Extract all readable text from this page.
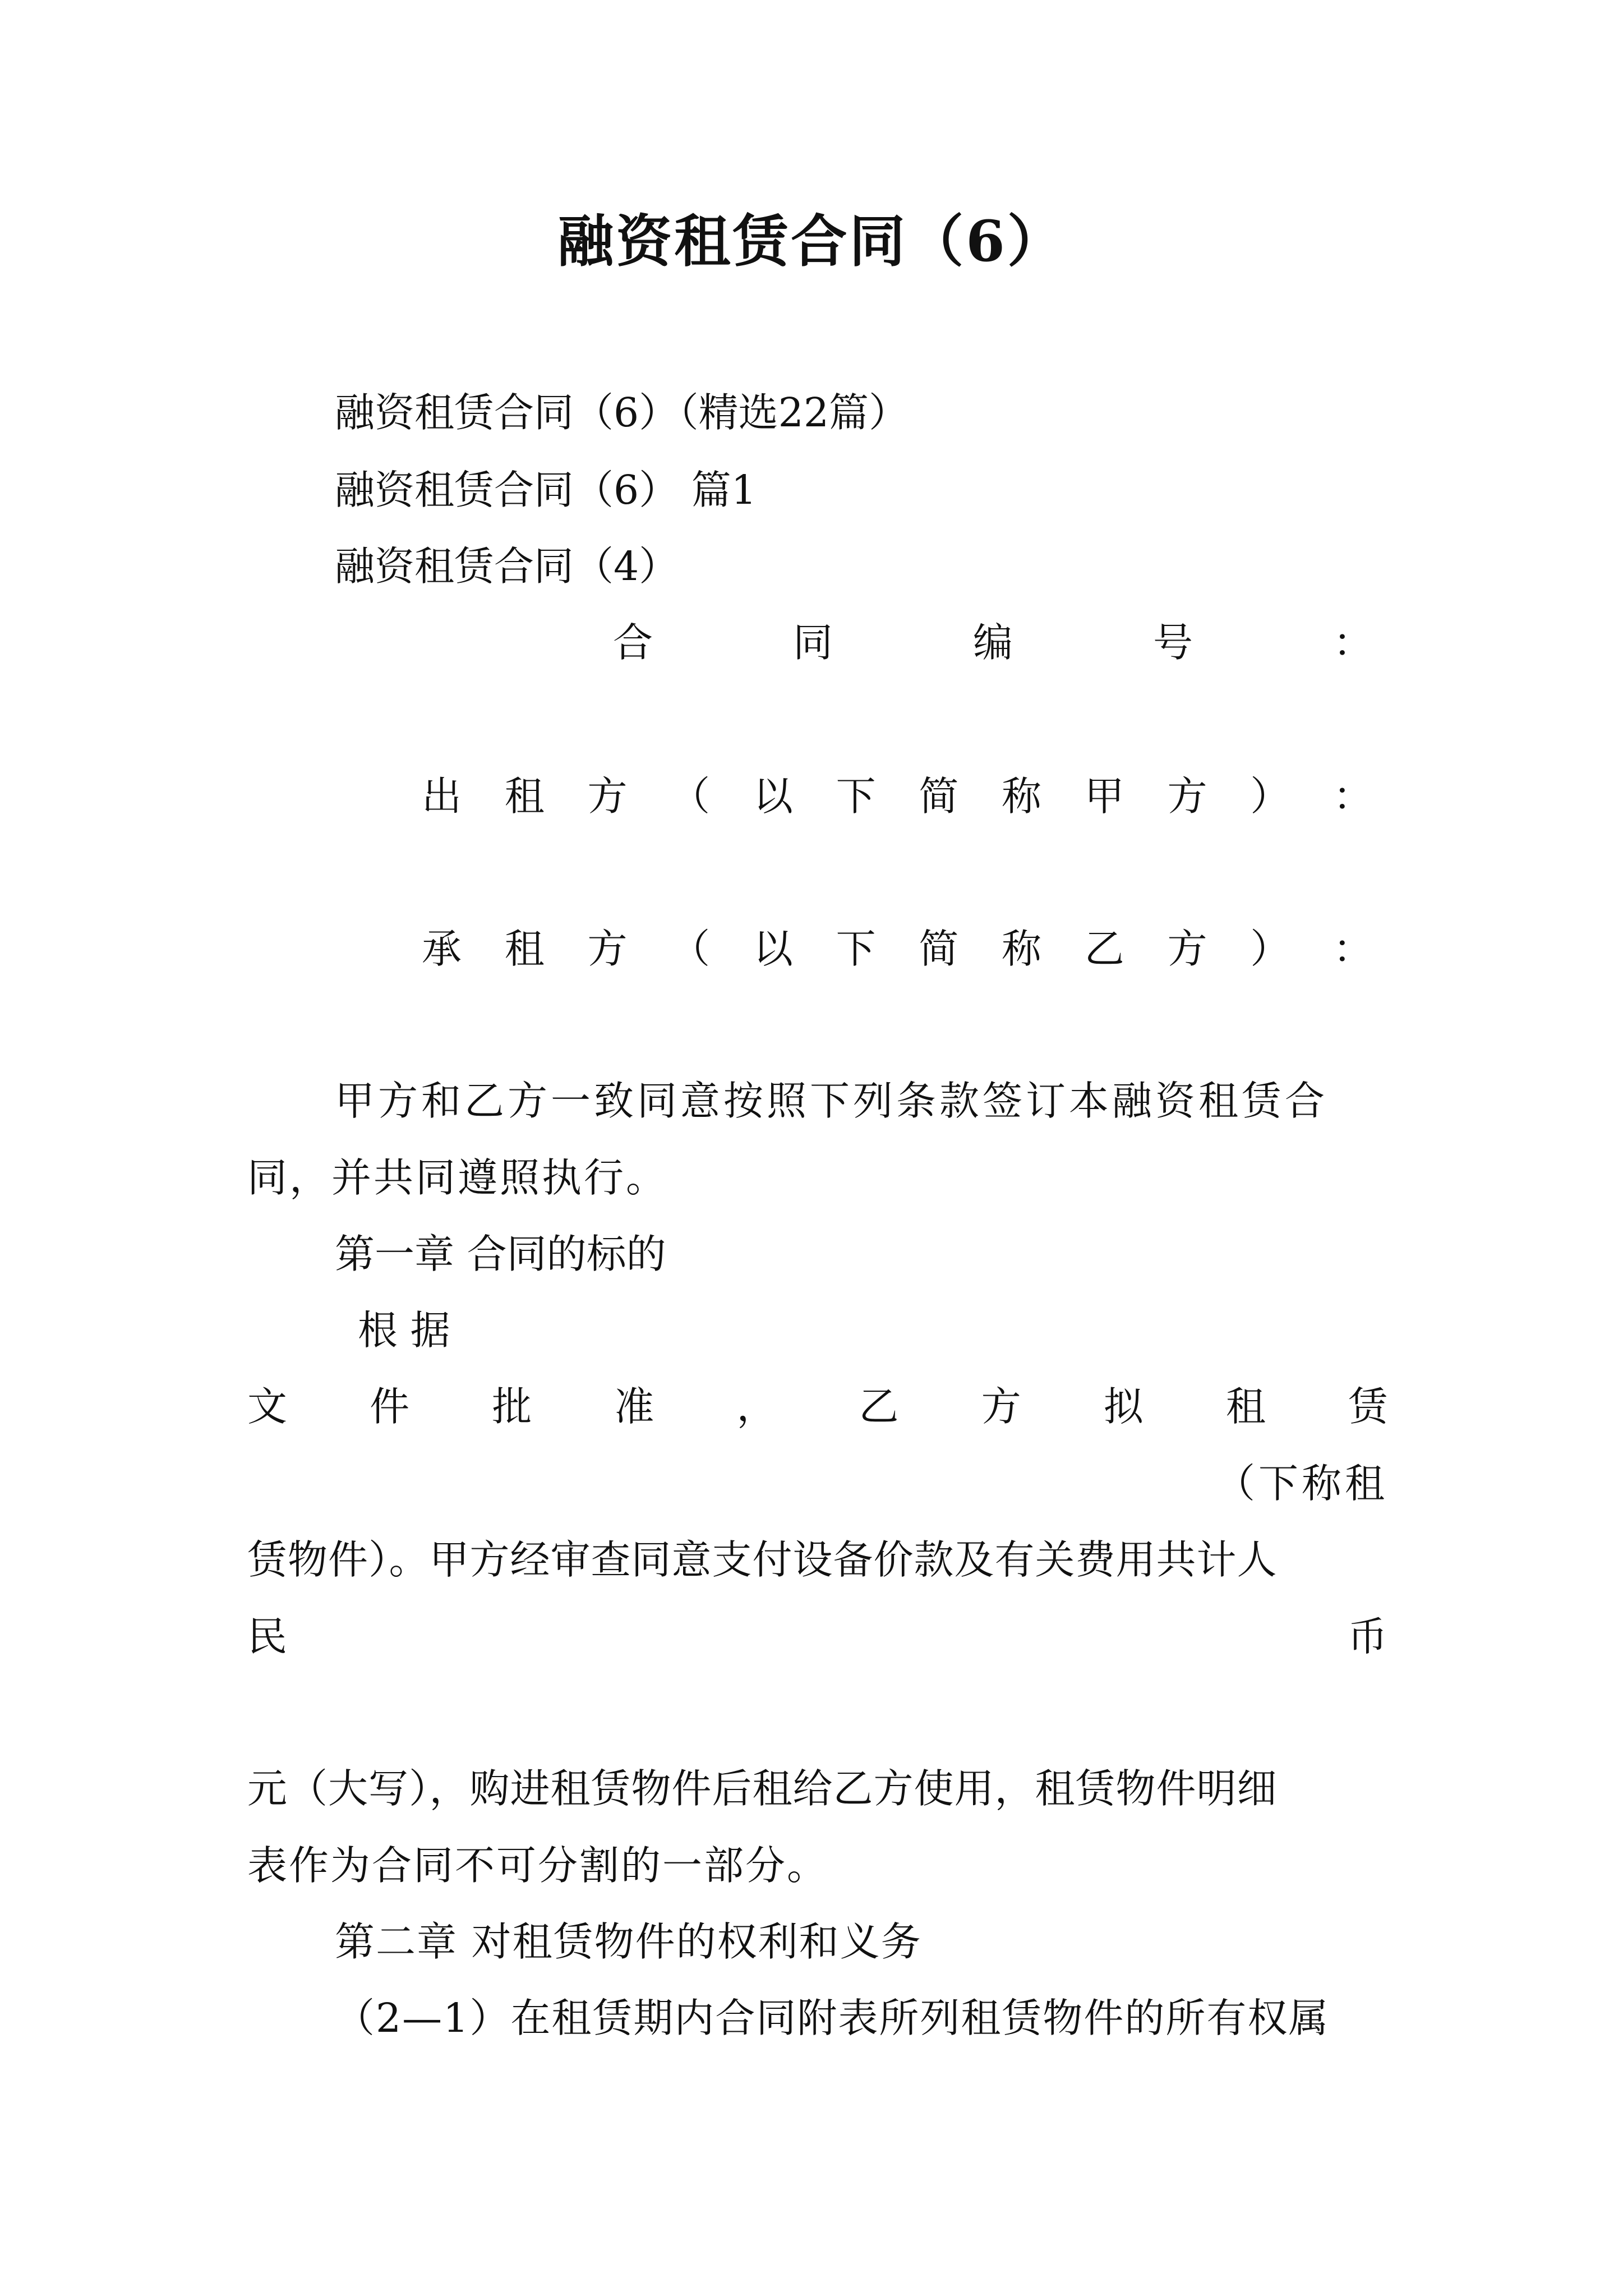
融资租赁合同（6）
融资租赁合同（6）（精选22篇）
融资租赁合同（6） 篇1
融资租赁合同（4）
合	同	编	号	：
出 租 方 （ 以 下 简 称 甲 方 ） ：
承 租 方 （ 以 下 简 称 乙 方 ） ：
甲方和乙方一致同意按照下列条款签订本融资租赁合
同，并共同遵照执行。
第一章 合同的标的
根 据
文 件 批 准 ， 乙 方 拟 租 赁
（下称租
赁物件）。甲方经审查同意支付设备价款及有关费用共计人
民	币
元（大写），购进租赁物件后租给乙方使用，租赁物件明细
表作为合同不可分割的一部分。
第二章 对租赁物件的权利和义务
（2—1）在租赁期内合同附表所列租赁物件的所有权属
